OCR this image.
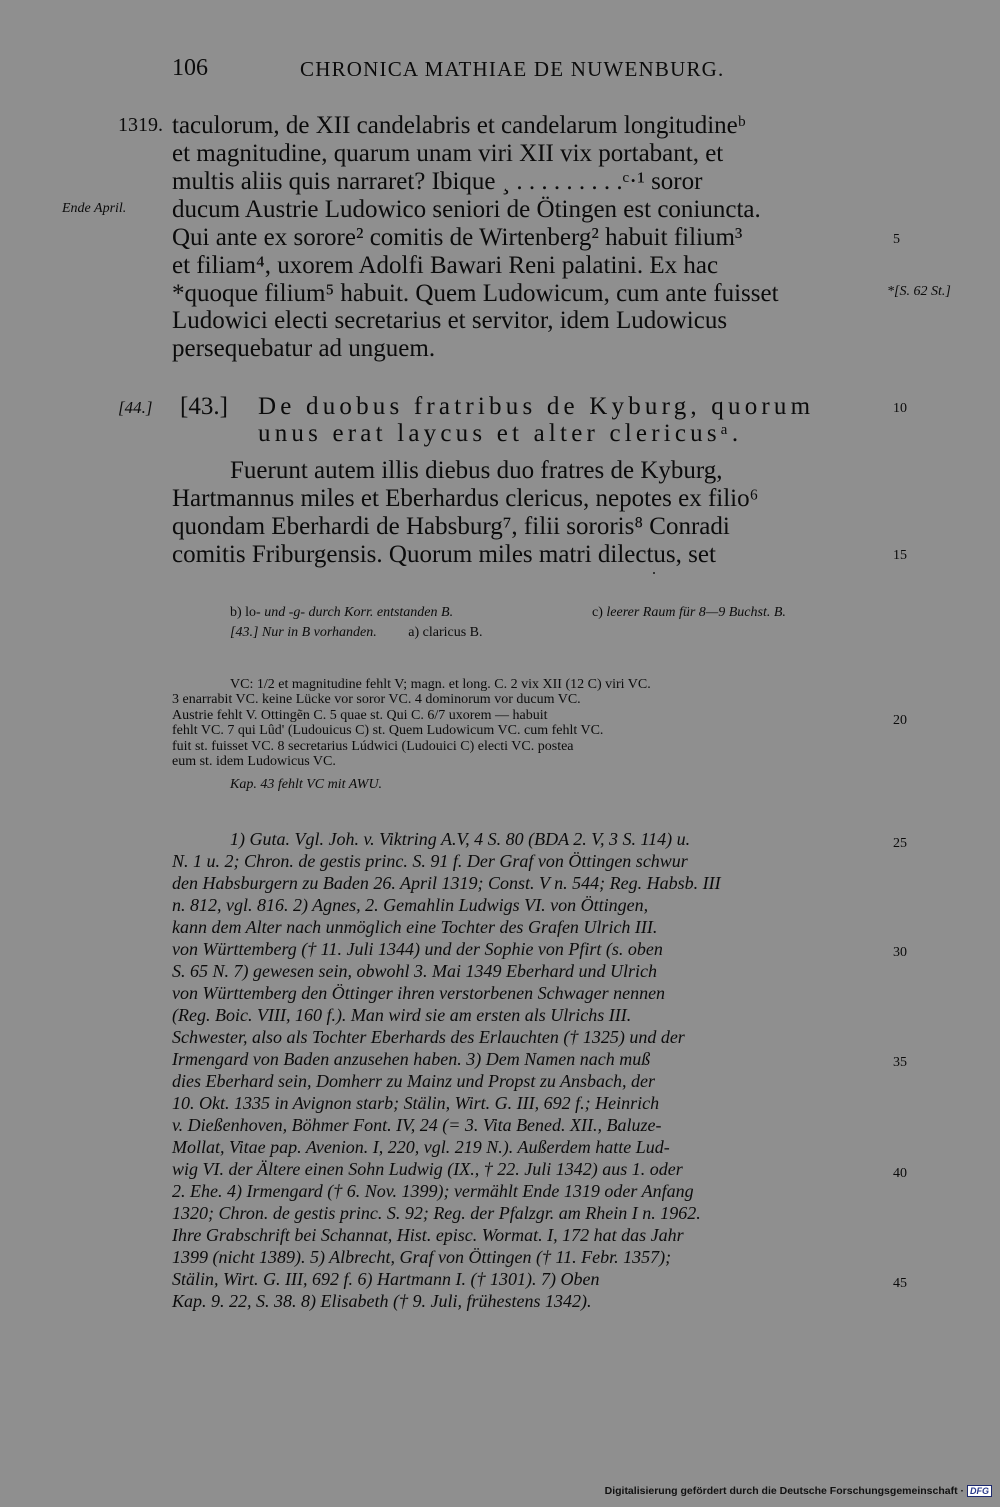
106	CHRONICA MATHIAE DE NUWENBURG.
1319.
Ende April.
*[S. 62 St.]
taculorum, de XII candelabris et candelarum longitudineᵇ
et magnitudine, quarum unam viri XII vix portabant, et
multis aliis quis narraret? Ibique ¸ . . . . . . . . .ᶜ·¹ soror
ducum Austrie Ludowico seniori de Ötingen est coniuncta.
Qui ante ex sorore² comitis de Wirtenberg² habuit filium³
et filiam⁴, uxorem Adolfi Bawari Reni palatini. Ex hac
*quoque filium⁵ habuit. Quem Ludowicum, cum ante fuisset
Ludowici electi secretarius et servitor, idem Ludowicus
persequebatur ad unguem.
[44.] [43.] De duobus fratribus de Kyburg, quorum
unus erat laycus et alter clericusᵃ.
Fuerunt autem illis diebus duo fratres de Kyburg,
Hartmannus miles et Eberhardus clericus, nepotes ex filio⁶
quondam Eberhardi de Habsburg⁷, filii sororis⁸ Conradi
comitis Friburgensis. Quorum miles matri dilectus, set
5
10
15
20
25
30
35
40
45
b) lo- und -g- durch Korr. entstanden B.	c) leerer Raum für 8—9 Buchst. B.
[43.] Nur in B vorhanden. a) claricus B.
VC: 1/2 et magnitudine fehlt V; magn. et long. C. 2 vix XII (12 C) viri VC.
3 enarrabit VC. keine Lücke vor soror VC. 4 dominorum vor ducum VC.
Austrie fehlt V. Ottingẽn C. 5 quae st. Qui C. 6/7 uxorem — habuit
fehlt VC. 7 qui Lûd' (Ludouicus C) st. Quem Ludowicum VC. cum fehlt VC.
fuit st. fuisset VC. 8 secretarius Lúdwici (Ludouici C) electi VC. postea
eum st. idem Ludowicus VC.
Kap. 43 fehlt VC mit AWU.
1) Guta. Vgl. Joh. v. Viktring A.V, 4 S. 80 (BDA 2. V, 3 S. 114) u.
N. 1 u. 2; Chron. de gestis princ. S. 91 f. Der Graf von Öttingen schwur
den Habsburgern zu Baden 26. April 1319; Const. V n. 544; Reg. Habsb. III
n. 812, vgl. 816. 2) Agnes, 2. Gemahlin Ludwigs VI. von Öttingen,
kann dem Alter nach unmöglich eine Tochter des Grafen Ulrich III.
von Württemberg († 11. Juli 1344) und der Sophie von Pfirt (s. oben
S. 65 N. 7) gewesen sein, obwohl 3. Mai 1349 Eberhard und Ulrich
von Württemberg den Öttinger ihren verstorbenen Schwager nennen
(Reg. Boic. VIII, 160 f.). Man wird sie am ersten als Ulrichs III.
Schwester, also als Tochter Eberhards des Erlauchten († 1325) und der
Irmengard von Baden anzusehen haben. 3) Dem Namen nach muß
dies Eberhard sein, Domherr zu Mainz und Propst zu Ansbach, der
10. Okt. 1335 in Avignon starb; Stälin, Wirt. G. III, 692 f.; Heinrich
v. Dießenhoven, Böhmer Font. IV, 24 (= 3. Vita Bened. XII., Baluze-
Mollat, Vitae pap. Avenion. I, 220, vgl. 219 N.). Außerdem hatte Lud-
wig VI. der Ältere einen Sohn Ludwig (IX., † 22. Juli 1342) aus 1. oder
2. Ehe. 4) Irmengard († 6. Nov. 1399); vermählt Ende 1319 oder Anfang
1320; Chron. de gestis princ. S. 92; Reg. der Pfalzgr. am Rhein I n. 1962.
Ihre Grabschrift bei Schannat, Hist. episc. Wormat. I, 172 hat das Jahr
1399 (nicht 1389). 5) Albrecht, Graf von Öttingen († 11. Febr. 1357);
Stälin, Wirt. G. III, 692 f. 6) Hartmann I. († 1301). 7) Oben
Kap. 9. 22, S. 38. 8) Elisabeth († 9. Juli, frühestens 1342).
Digitalisierung gefördert durch die Deutsche Forschungsgemeinschaft · DFG
